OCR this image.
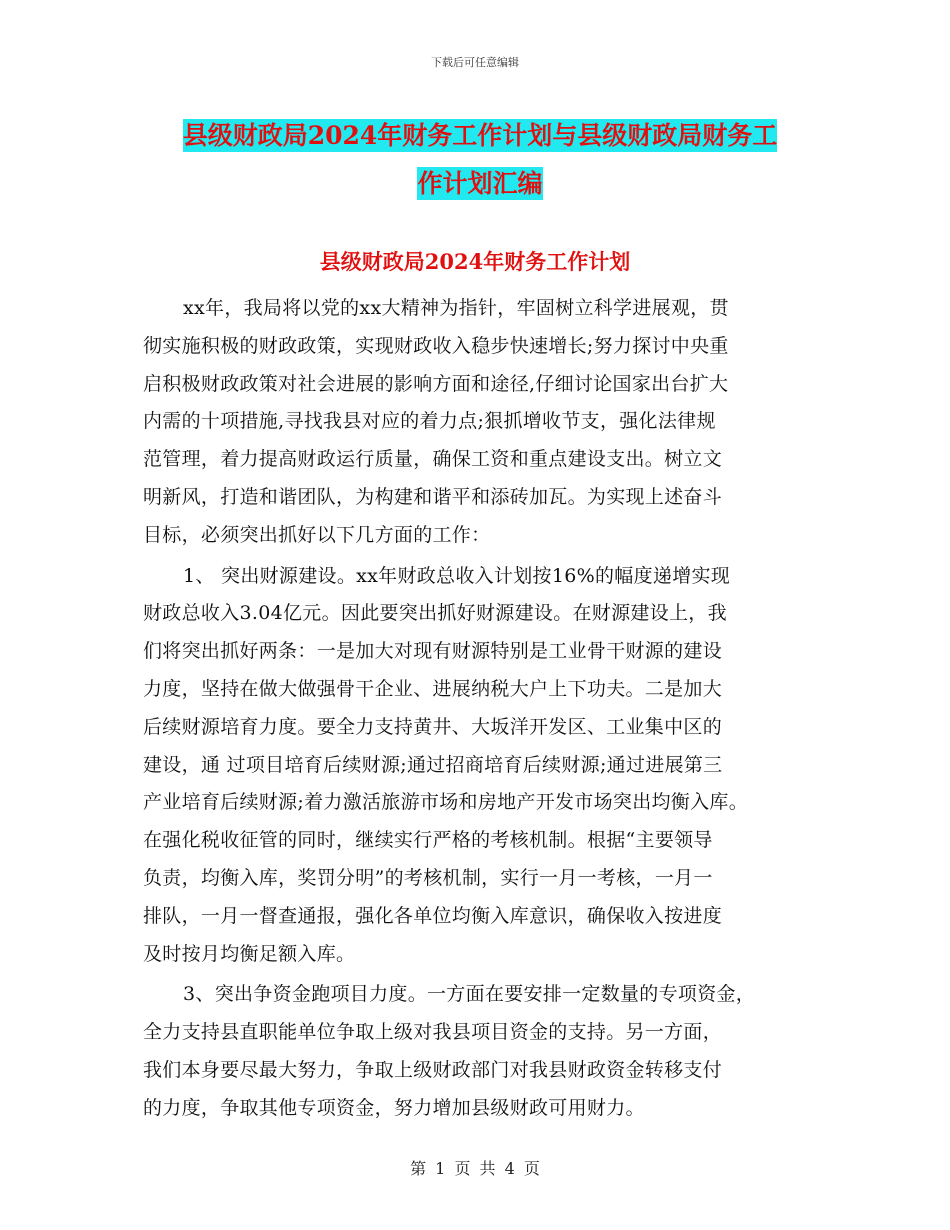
下载后可任意编辑
县级财政局2024年财务工作计划与县级财政局财务工
作计划汇编
县级财政局2024年财务工作计划
xx年，我局将以党的xx大精神为指针，牢固树立科学进展观，贯
彻实施积极的财政政策，实现财政收入稳步快速增长;努力探讨中央重
启积极财政政策对社会进展的影响方面和途径,仔细讨论国家出台扩大
内需的十项措施,寻找我县对应的着力点;狠抓增收节支，强化法律规
范管理，着力提高财政运行质量，确保工资和重点建设支出。树立文
明新风，打造和谐团队，为构建和谐平和添砖加瓦。为实现上述奋斗
目标，必须突出抓好以下几方面的工作：
1、 突出财源建设。xx年财政总收入计划按16%的幅度递增实现
财政总收入3.04亿元。因此要突出抓好财源建设。在财源建设上，我
们将突出抓好两条：一是加大对现有财源特别是工业骨干财源的建设
力度，坚持在做大做强骨干企业、进展纳税大户上下功夫。二是加大
后续财源培育力度。要全力支持黄井、大坂洋开发区、工业集中区的
建设，通 过项目培育后续财源;通过招商培育后续财源;通过进展第三
产业培育后续财源;着力激活旅游市场和房地产开发市场突出均衡入库。
在强化税收征管的同时，继续实行严格的考核机制。根据“主要领导
负责，均衡入库，奖罚分明”的考核机制，实行一月一考核，一月一
排队，一月一督查通报，强化各单位均衡入库意识，确保收入按进度
及时按月均衡足额入库。
3、突出争资金跑项目力度。一方面在要安排一定数量的专项资金，
全力支持县直职能单位争取上级对我县项目资金的支持。另一方面，
我们本身要尽最大努力，争取上级财政部门对我县财政资金转移支付
的力度，争取其他专项资金，努力增加县级财政可用财力。
第 1 页 共 4 页
